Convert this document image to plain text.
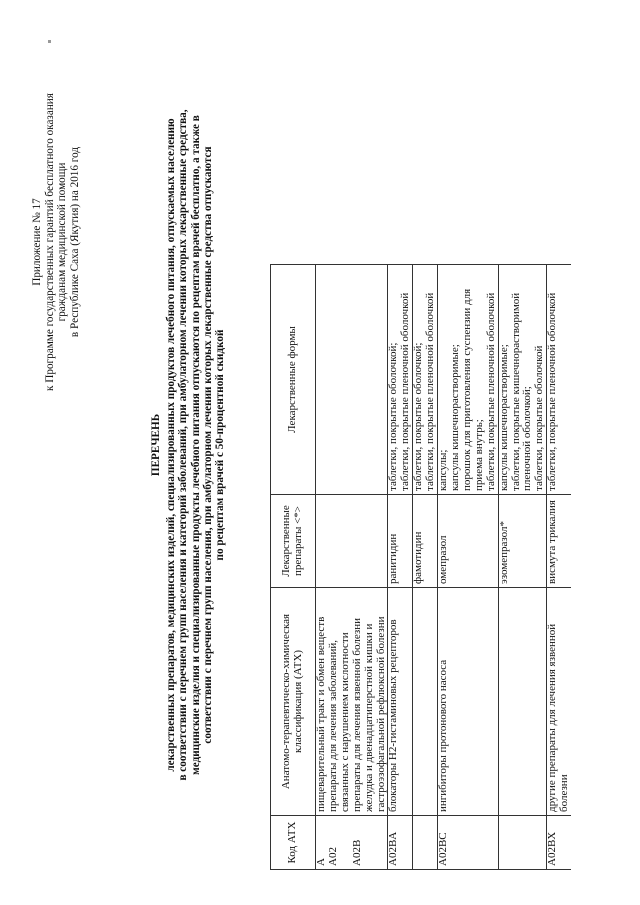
Приложение № 17 к Программе государственных гарантий бесплатного оказания гражданам медицинской помощи в Республике Саха (Якутия) на 2016 год
ПЕРЕЧЕНЬ лекарственных препаратов, медицинских изделий, специализированных продуктов лечебного питания, отпускаемых населению в соответствии с перечнем групп населения и категорий заболеваний, при амбулаторном лечении которых лекарственные средства, медицинские изделия и специализированные продукты лечебного питания отпускаются по рецептам врачей бесплатно, а также в соответствии с перечнем групп населения, при амбулаторном лечении которых лекарственные средства отпускаются по рецептам врачей с 50-процентной скидкой
Код АТХ	Анатомо-терапевтическо-химическая классификация (АТХ)	Лекарственные препараты <*>	Лекарственные формы
A	пищеварительный тракт и обмен веществ		
A02	препараты для лечения заболеваний, связанных с нарушением кислотности		
A02B	препараты для лечения язвенной болезни желудка и двенадцатиперстной кишки и гастроэзофагальной рефлюксной болезни		
A02BA	блокаторы H2-гистаминовых рецепторов	ранитидин	таблетки, покрытые оболочкой; таблетки, покрытые пленочной оболочкой

		фамотидин	таблетки, покрытые оболочкой; таблетки, покрытые пленочной оболочкой

A02BC	ингибиторы протонового насоса	омепразол	капсулы; капсулы кишечнорастворимые; порошок для приготовления суспензии для приема внутрь; таблетки, покрытые пленочной оболочкой

		эзомепразол*	капсулы кишечнорастворимые; таблетки, покрытые кишечнорастворимой пленочной оболочкой; таблетки, покрытые оболочкой

A02BX	другие препараты для лечения язвенной болезни	висмута трикалия	таблетки, покрытые пленочной оболочкой
